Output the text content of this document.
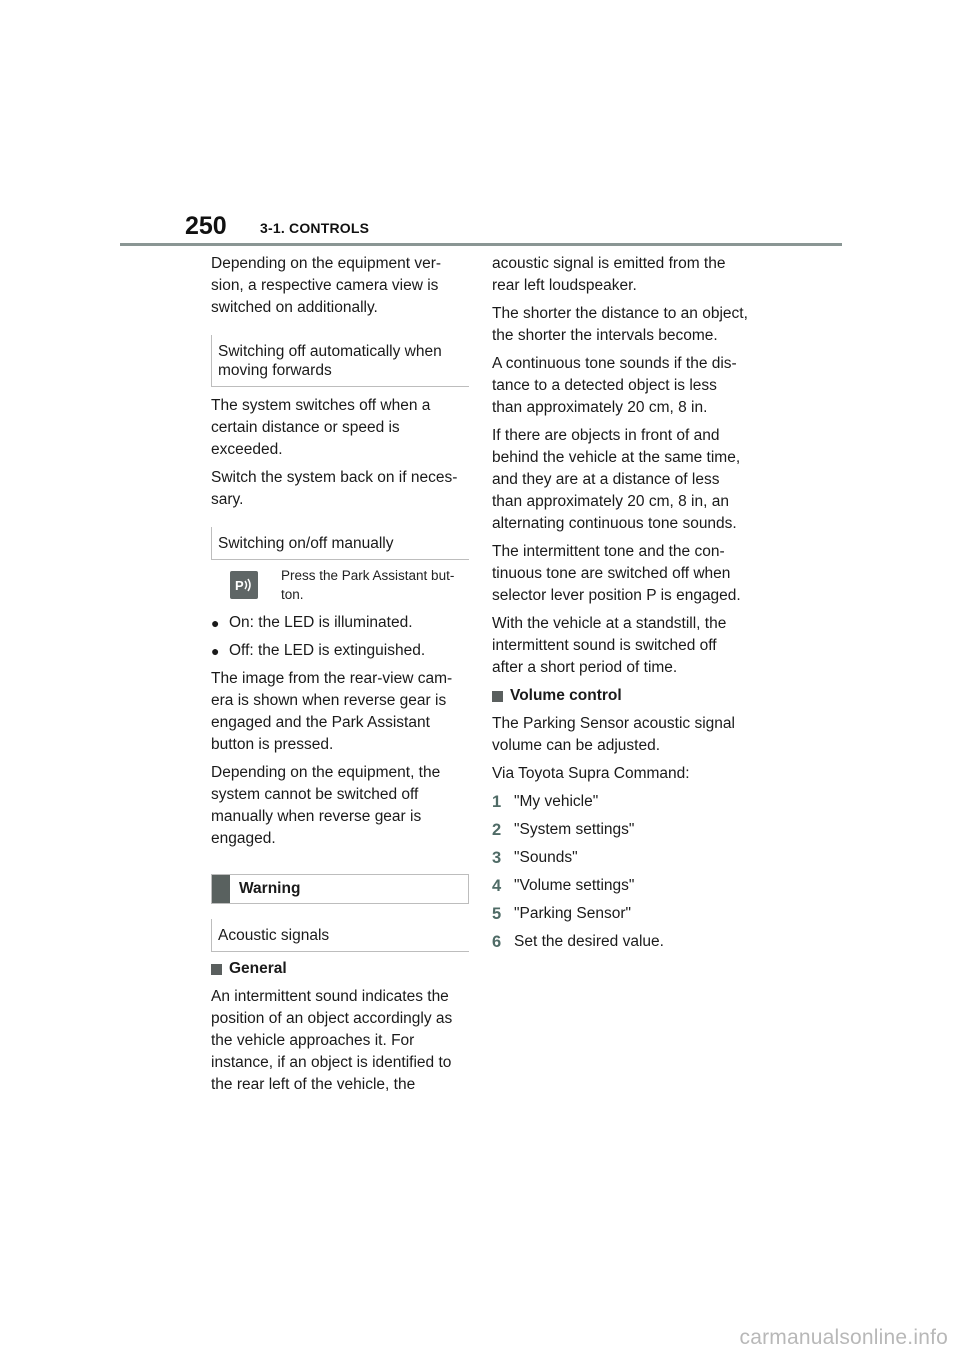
250 3-1. CONTROLS

Depending on the equipment ver-sion, a respective camera view is switched on additionally.

Switching off automatically when moving forwards

The system switches off when a certain distance or speed is exceeded.

Switch the system back on if neces-sary.

Switching on/off manually
P
Press the Park Assistant but-ton.
● On: the LED is illuminated.
● Off: the LED is extinguished.

The image from the rear-view cam-era is shown when reverse gear is engaged and the Park Assistant button is pressed.

Depending on the equipment, the system cannot be switched off manually when reverse gear is engaged.

Warning
Acoustic signals
General

An intermittent sound indicates the position of an object accordingly as the vehicle approaches it. For instance, if an object is identified to the rear left of the vehicle, the

acoustic signal is emitted from the rear left loudspeaker.

The shorter the distance to an object, the shorter the intervals become.

A continuous tone sounds if the dis-tance to a detected object is less than approximately 20 cm, 8 in.

If there are objects in front of and behind the vehicle at the same time, and they are at a distance of less than approximately 20 cm, 8 in, an alternating continuous tone sounds.

The intermittent tone and the con-tinuous tone are switched off when selector lever position P is engaged.

With the vehicle at a standstill, the intermittent sound is switched off after a short period of time.

Volume control

The Parking Sensor acoustic signal volume can be adjusted.

Via Toyota Supra Command:

1 "My vehicle"
2 "System settings"
3 "Sounds"
4 "Volume settings"
5 "Parking Sensor"
6 Set the desired value.
carmanualsonline.info
